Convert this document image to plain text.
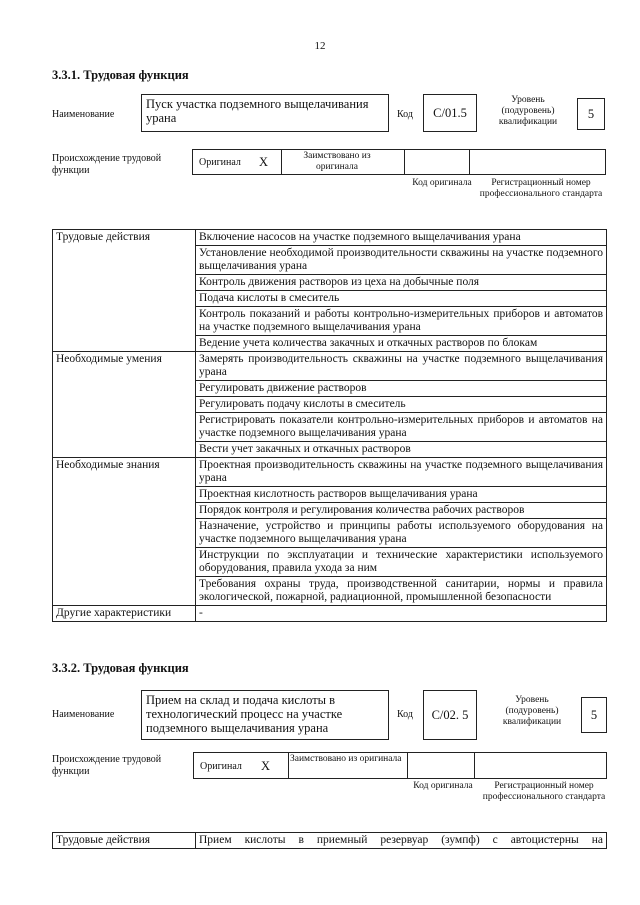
12
3.3.1. Трудовая функция
Наименование
Пуск участка подземного выщелачивания урана	Код	С/01.5
Уровень (подуровень) квалификации
5
Происхождение трудовой функции
Оригинал X	Заимствовано из оригинала
Код оригинала	Регистрационный номер профессионального стандарта
Трудовые действия	Включение насосов на участке подземного выщелачивания урана
	Установление необходимой производительности скважины на участке подземного выщелачивания урана
	Контроль движения растворов из цеха на добычные поля
	Подача кислоты в смеситель
	Контроль показаний и работы контрольно-измерительных приборов и автоматов на участке подземного выщелачивания урана
	Ведение учета количества закачных и откачных растворов по блокам
Необходимые умения	Замерять производительность скважины на участке подземного выщелачивания урана
	Регулировать движение растворов
	Регулировать подачу кислоты в смеситель
	Регистрировать показатели контрольно-измерительных приборов и автоматов на участке подземного выщелачивания урана
	Вести учет закачных и откачных растворов
Необходимые знания	Проектная производительность скважины на участке подземного выщелачивания урана
	Проектная кислотность растворов выщелачивания урана
	Порядок контроля и регулирования количества рабочих растворов
	Назначение, устройство и принципы работы используемого оборудования на участке подземного выщелачивания урана
	Инструкции по эксплуатации и технические характеристики используемого оборудования, правила ухода за ним
	Требования охраны труда, производственной санитарии, нормы и правила экологической, пожарной, радиационной, промышленной безопасности
Другие характеристики	-
3.3.2. Трудовая функция
Наименование
Прием на склад и подача кислоты в технологический процесс на участке подземного выщелачивания урана
Код	С/02. 5
Уровень (подуровень) квалификации	5
Происхождение трудовой функции	Оригинал X Заимствовано из оригинала
Код оригинала	Регистрационный номер профессионального стандарта
Трудовые действия	Прием кислоты в приемный резервуар (зумпф) с автоцистерны на
